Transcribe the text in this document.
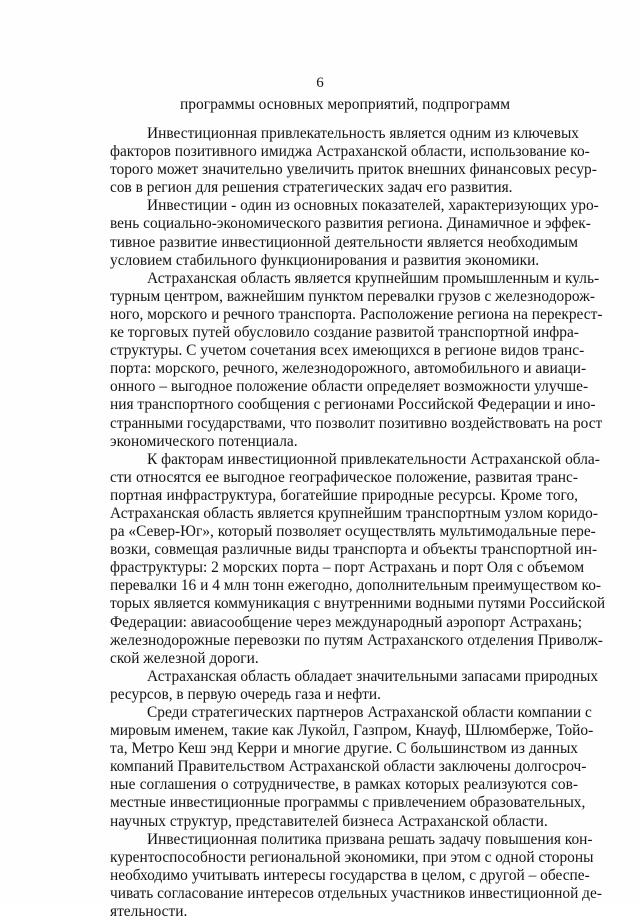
6
программы основных мероприятий, подпрограмм

Инвестиционная привлекательность является одним из ключевых
факторов позитивного имиджа Астраханской области, использование ко-
торого может значительно увеличить приток внешних финансовых ресур-
сов в регион для решения стратегических задач его развития.

Инвестиции - один из основных показателей, характеризующих уро-
вень социально-экономического развития региона. Динамичное и эффек-
тивное развитие инвестиционной деятельности является необходимым
условием стабильного функционирования и развития экономики.

Астраханская область является крупнейшим промышленным и куль-
турным центром, важнейшим пунктом перевалки грузов с железнодорож-
ного, морского и речного транспорта. Расположение региона на перекрест-
ке торговых путей обусловило создание развитой транспортной инфра-
структуры. С учетом сочетания всех имеющихся в регионе видов транс-
порта: морского, речного, железнодорожного, автомобильного и авиаци-
онного – выгодное положение области определяет возможности улучше-
ния транспортного сообщения с регионами Российской Федерации и ино-
странными государствами, что позволит позитивно воздействовать на рост
экономического потенциала.

К факторам инвестиционной привлекательности Астраханской обла-
сти относятся ее выгодное географическое положение, развитая транс-
портная инфраструктура, богатейшие природные ресурсы. Кроме того,
Астраханская область является крупнейшим транспортным узлом коридо-
ра «Север-Юг», который позволяет осуществлять мультимодальные пере-
возки, совмещая различные виды транспорта и объекты транспортной ин-
фраструктуры: 2 морских порта – порт Астрахань и порт Оля с объемом
перевалки 16 и 4 млн тонн ежегодно, дополнительным преимуществом ко-
торых является коммуникация с внутренними водными путями Российской
Федерации: авиасообщение через международный аэропорт Астрахань;
железнодорожные перевозки по путям Астраханского отделения Приволж-
ской железной дороги.

Астраханская область обладает значительными запасами природных
ресурсов, в первую очередь газа и нефти.

Среди стратегических партнеров Астраханской области компании с
мировым именем, такие как Лукойл, Газпром, Кнауф, Шлюмберже, Тойо-
та, Метро Кеш энд Керри и многие другие. С большинством из данных
компаний Правительством Астраханской области заключены долгосроч-
ные соглашения о сотрудничестве, в рамках которых реализуются сов-
местные инвестиционные программы с привлечением образовательных,
научных структур, представителей бизнеса Астраханской области.

Инвестиционная политика призвана решать задачу повышения кон-
курентоспособности региональной экономики, при этом с одной стороны
необходимо учитывать интересы государства в целом, с другой – обеспе-
чивать согласование интересов отдельных участников инвестиционной де-
ятельности.
